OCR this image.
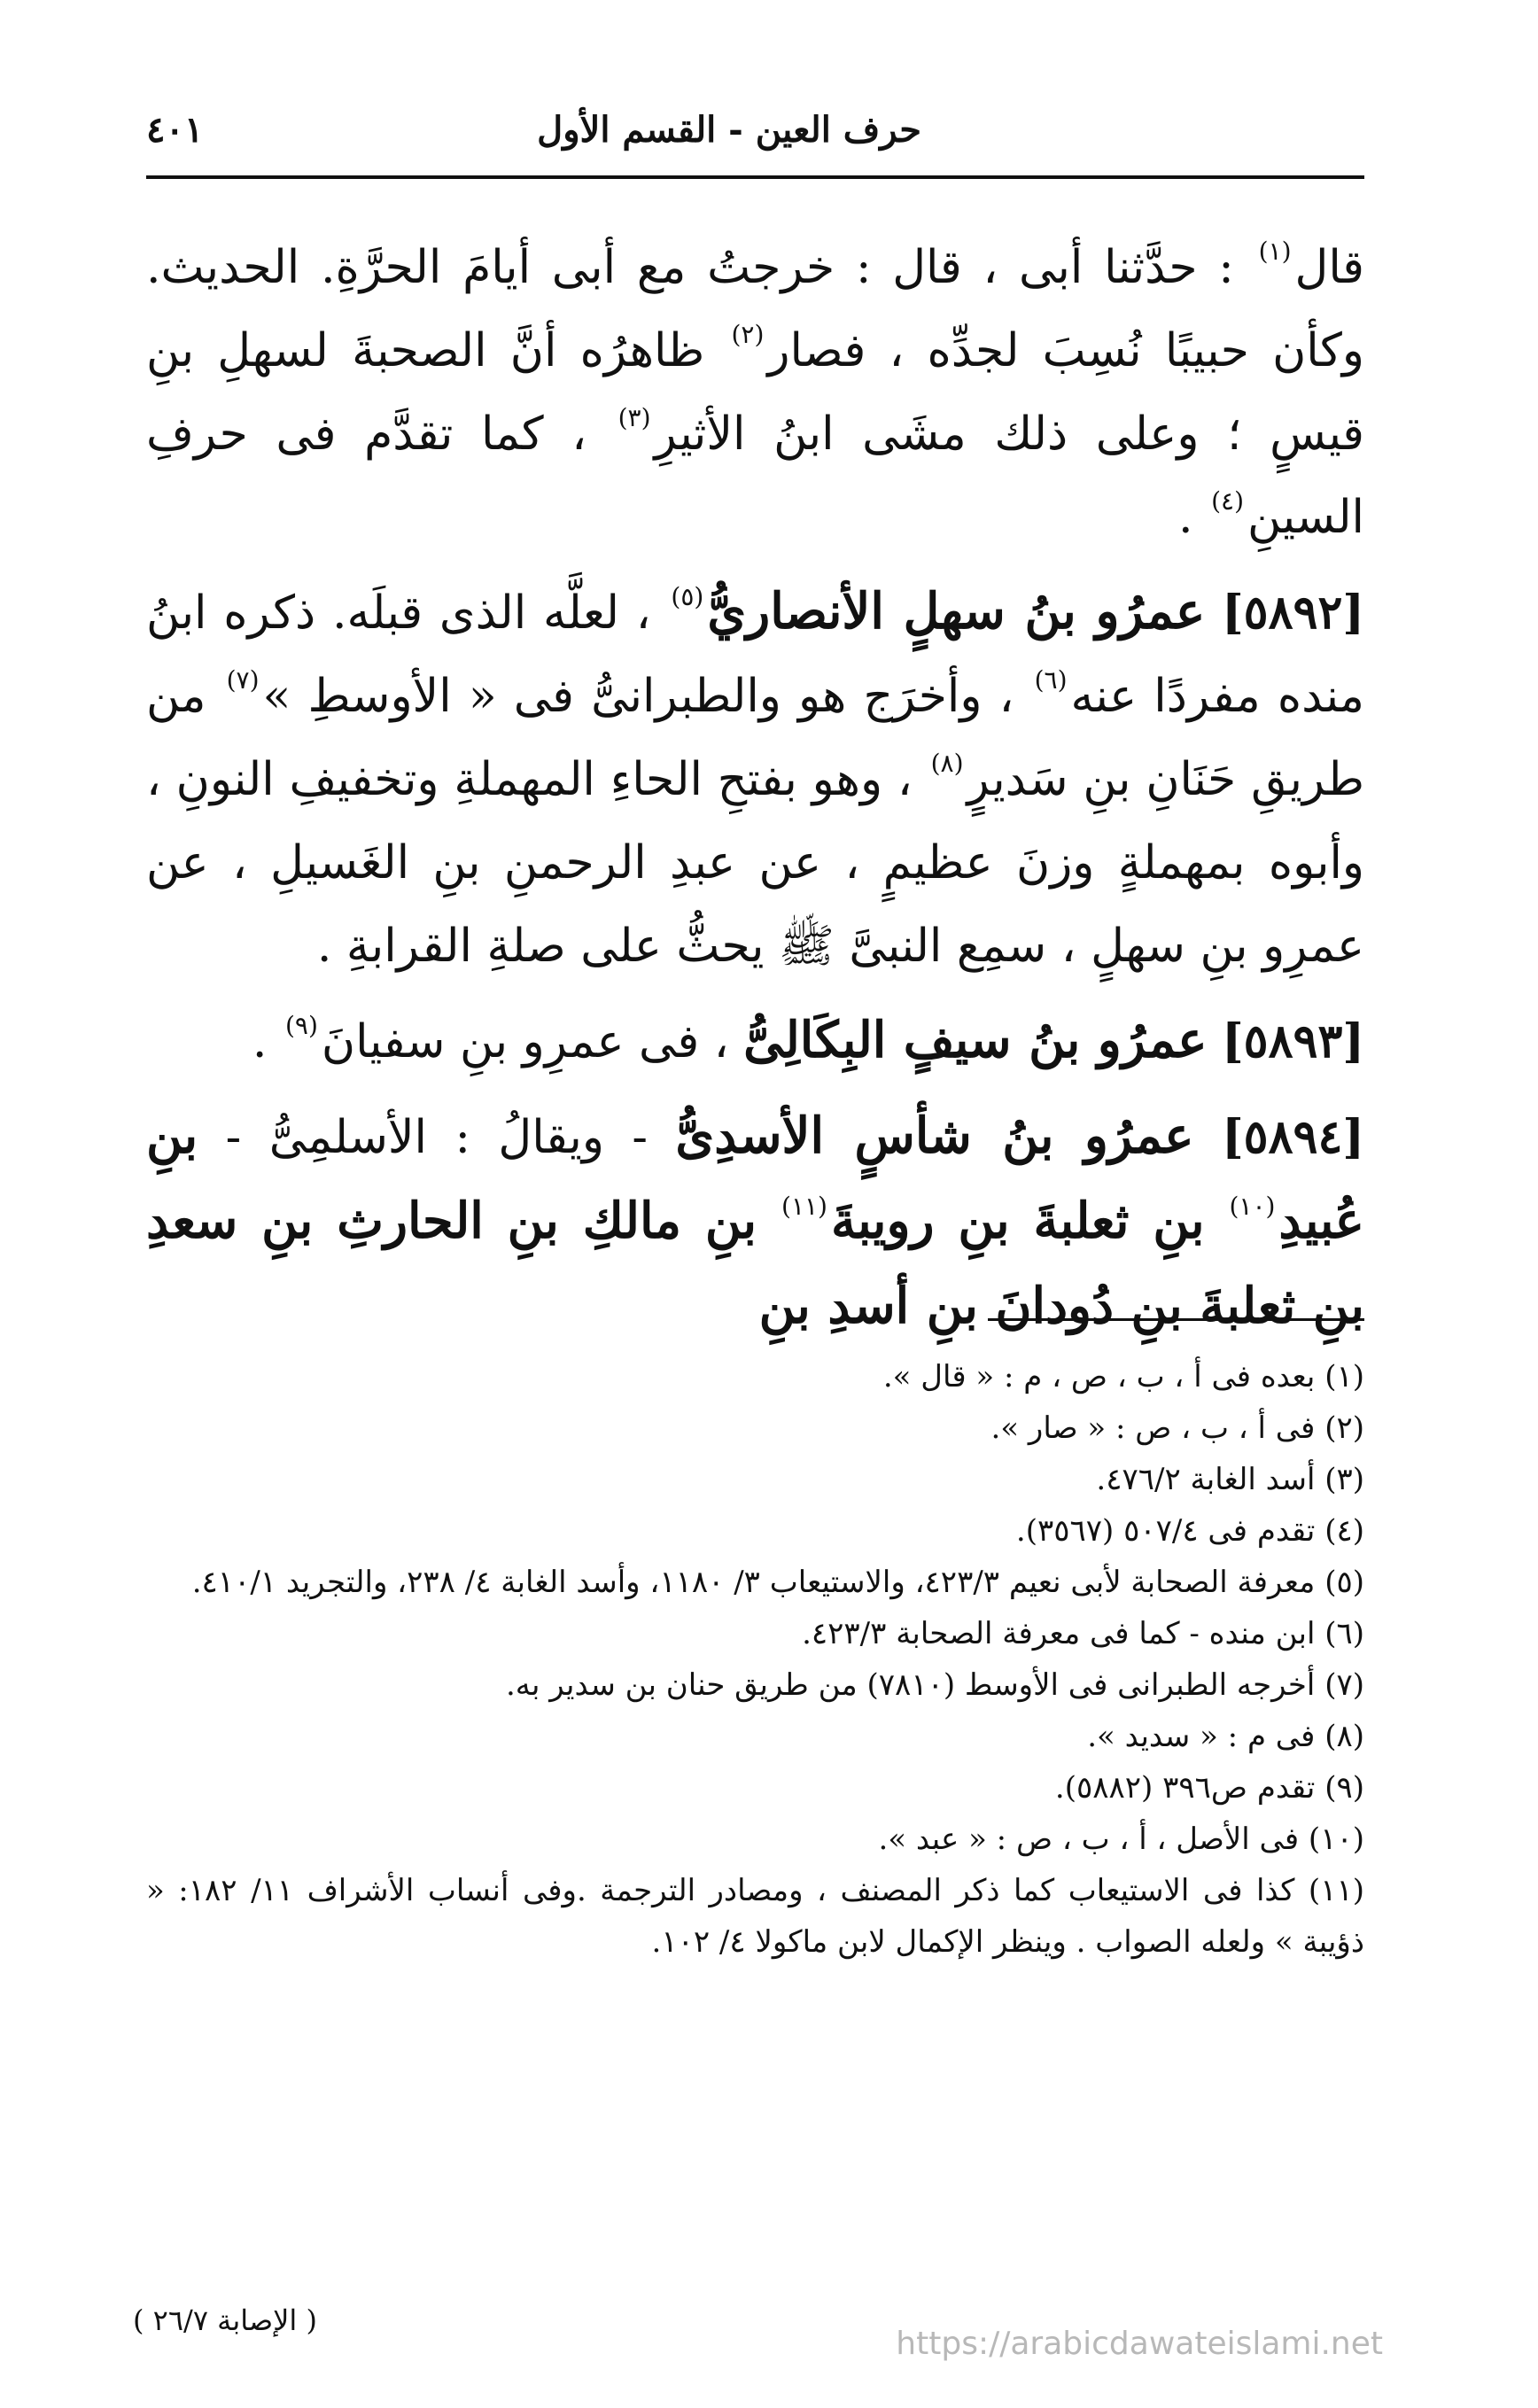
حرف العين - القسم الأول
٤٠١

قال$^{(١)}$ : حدَّثنا أبى ، قال : خرجتُ مع أبى أيامَ الحرَّةِ. الحديث. وكأن حبيبًا نُسِبَ لجدِّه ، فصار$^{(٢)}$ ظاهرُه أنَّ الصحبةَ لسهلِ بنِ قيسٍ ؛ وعلى ذلك مشَى ابنُ الأثيرِ$^{(٣)}$ ، كما تقدَّم فى حرفِ السينِ$^{(٤)}$ .

[٥٨٩٢] عمرُو بنُ سهلٍ الأنصاريُّ$^{(٥)}$ ، لعلَّه الذى قبلَه. ذكره ابنُ منده مفردًا عنه$^{(٦)}$ ، وأخرَج هو والطبرانىُّ فى « الأوسطِ »$^{(٧)}$ من طريقِ حَنَانِ بنِ سَديرٍ$^{(٨)}$ ، وهو بفتحِ الحاءِ المهملةِ وتخفيفِ النونِ ، وأبوه بمهملةٍ وزنَ عظيمٍ ، عن عبدِ الرحمنِ بنِ الغَسيلِ ، عن عمرِو بنِ سهلٍ ، سمِع النبىَّ ﷺ يحثُّ على صلةِ القرابةِ .

[٥٨٩٣] عمرُو بنُ سيفٍ البِكَالِىُّ ، فى عمرِو بنِ سفيانَ$^{(٩)}$ .

[٥٨٩٤] عمرُو بنُ شأسٍ الأسدِىُّ - ويقالُ : الأسلمِىُّ - بنِ عُبيدِ$^{(١٠)}$ بنِ ثعلبةَ بنِ رويبةَ$^{(١١)}$ بنِ مالكِ بنِ الحارثِ بنِ سعدِ بنِ ثعلبةَ بنِ دُودانَ بنِ أسدِ بنِ

(١) بعده فى أ ، ب ، ص ، م : « قال ».

(٢) فى أ ، ب ، ص : « صار ».

(٣) أسد الغابة ٤٧٦/٢.

(٤) تقدم فى ٥٠٧/٤ (٣٥٦٧).

(٥) معرفة الصحابة لأبى نعيم ٤٢٣/٣، والاستيعاب ٣/ ١١٨٠، وأسد الغابة ٤/ ٢٣٨، والتجريد ٤١٠/١.

(٦) ابن منده - كما فى معرفة الصحابة ٤٢٣/٣.

(٧) أخرجه الطبرانى فى الأوسط (٧٨١٠) من طريق حنان بن سدير به.

(٨) فى م : « سديد ».

(٩) تقدم ص٣٩٦ (٥٨٨٢).

(١٠) فى الأصل ، أ ، ب ، ص : « عبد ».

(١١) كذا فى الاستيعاب كما ذكر المصنف ، ومصادر الترجمة .وفى أنساب الأشراف ١١/ ١٨٢: « ذؤيبة » ولعله الصواب . وينظر الإكمال لابن ماكولا ٤/ ١٠٢.

( الإصابة ٢٦/٧ )
https://arabicdawateislami.net
